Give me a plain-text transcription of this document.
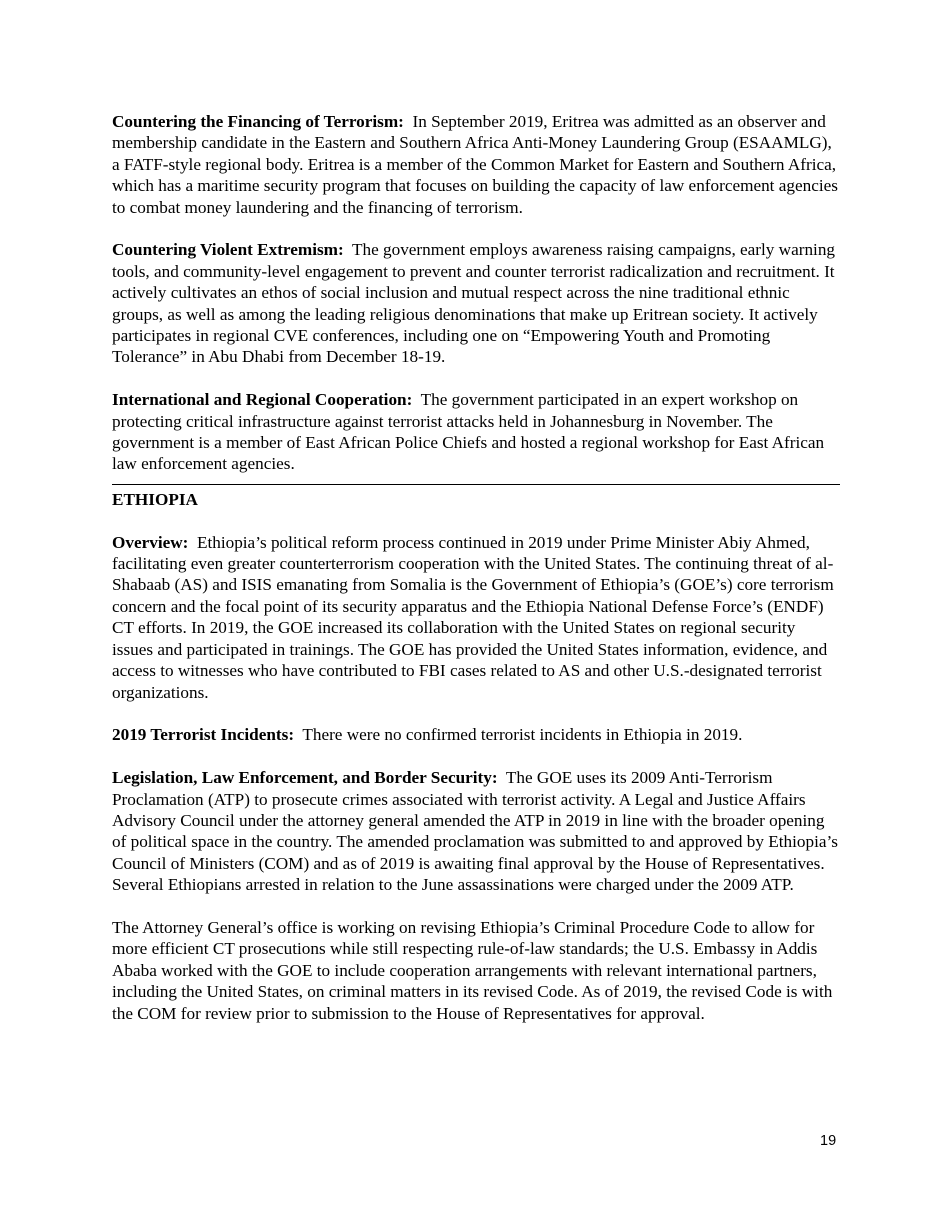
Countering the Financing of Terrorism: In September 2019, Eritrea was admitted as an observer and membership candidate in the Eastern and Southern Africa Anti-Money Laundering Group (ESAAMLG), a FATF-style regional body. Eritrea is a member of the Common Market for Eastern and Southern Africa, which has a maritime security program that focuses on building the capacity of law enforcement agencies to combat money laundering and the financing of terrorism.

Countering Violent Extremism: The government employs awareness raising campaigns, early warning tools, and community-level engagement to prevent and counter terrorist radicalization and recruitment. It actively cultivates an ethos of social inclusion and mutual respect across the nine traditional ethnic groups, as well as among the leading religious denominations that make up Eritrean society. It actively participates in regional CVE conferences, including one on “Empowering Youth and Promoting Tolerance” in Abu Dhabi from December 18-19.

International and Regional Cooperation: The government participated in an expert workshop on protecting critical infrastructure against terrorist attacks held in Johannesburg in November. The government is a member of East African Police Chiefs and hosted a regional workshop for East African law enforcement agencies.

ETHIOPIA

Overview: Ethiopia’s political reform process continued in 2019 under Prime Minister Abiy Ahmed, facilitating even greater counterterrorism cooperation with the United States. The continuing threat of al-Shabaab (AS) and ISIS emanating from Somalia is the Government of Ethiopia’s (GOE’s) core terrorism concern and the focal point of its security apparatus and the Ethiopia National Defense Force’s (ENDF) CT efforts. In 2019, the GOE increased its collaboration with the United States on regional security issues and participated in trainings. The GOE has provided the United States information, evidence, and access to witnesses who have contributed to FBI cases related to AS and other U.S.-designated terrorist organizations.

2019 Terrorist Incidents: There were no confirmed terrorist incidents in Ethiopia in 2019.

Legislation, Law Enforcement, and Border Security: The GOE uses its 2009 Anti-Terrorism Proclamation (ATP) to prosecute crimes associated with terrorist activity. A Legal and Justice Affairs Advisory Council under the attorney general amended the ATP in 2019 in line with the broader opening of political space in the country. The amended proclamation was submitted to and approved by Ethiopia’s Council of Ministers (COM) and as of 2019 is awaiting final approval by the House of Representatives. Several Ethiopians arrested in relation to the June assassinations were charged under the 2009 ATP.

The Attorney General’s office is working on revising Ethiopia’s Criminal Procedure Code to allow for more efficient CT prosecutions while still respecting rule-of-law standards; the U.S. Embassy in Addis Ababa worked with the GOE to include cooperation arrangements with relevant international partners, including the United States, on criminal matters in its revised Code. As of 2019, the revised Code is with the COM for review prior to submission to the House of Representatives for approval.

19
